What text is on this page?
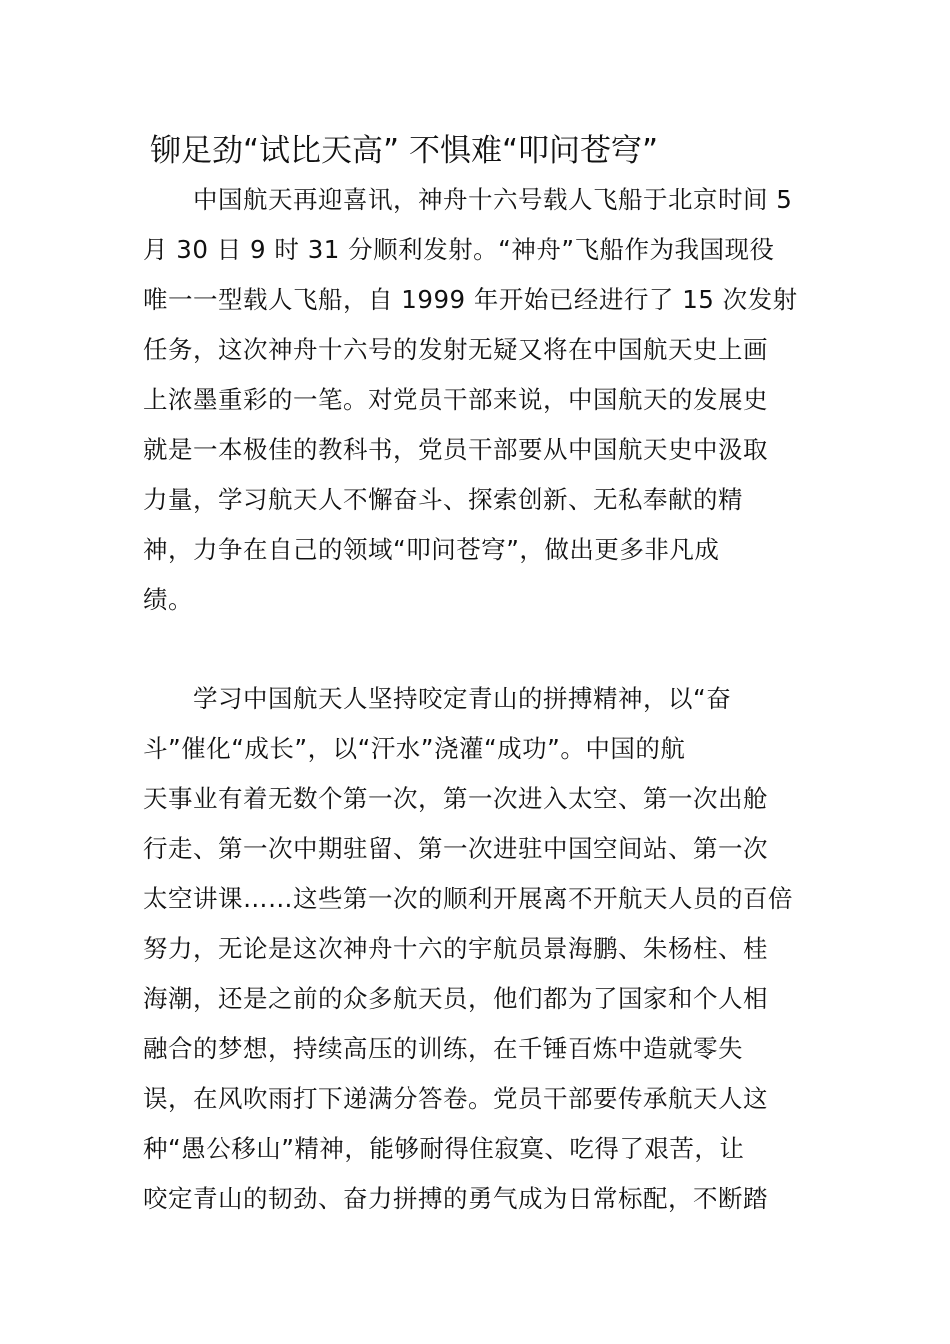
铆足劲“试比天高” 不惧难“叩问苍穹”
中国航天再迎喜讯，神舟十六号载人飞船于北京时间 5
月 30 日 9 时 31 分顺利发射。“神舟”飞船作为我国现役
唯一一型载人飞船，自 1999 年开始已经进行了 15 次发射
任务，这次神舟十六号的发射无疑又将在中国航天史上画
上浓墨重彩的一笔。对党员干部来说，中国航天的发展史
就是一本极佳的教科书，党员干部要从中国航天史中汲取
力量，学习航天人不懈奋斗、探索创新、无私奉献的精
神，力争在自己的领域“叩问苍穹”，做出更多非凡成
绩。
学习中国航天人坚持咬定青山的拼搏精神，以“奋
斗”催化“成长”，以“汗水”浇灌“成功”。中国的航
天事业有着无数个第一次，第一次进入太空、第一次出舱
行走、第一次中期驻留、第一次进驻中国空间站、第一次
太空讲课……这些第一次的顺利开展离不开航天人员的百倍
努力，无论是这次神舟十六的宇航员景海鹏、朱杨柱、桂
海潮，还是之前的众多航天员，他们都为了国家和个人相
融合的梦想，持续高压的训练，在千锤百炼中造就零失
误，在风吹雨打下递满分答卷。党员干部要传承航天人这
种“愚公移山”精神，能够耐得住寂寞、吃得了艰苦，让
咬定青山的韧劲、奋力拼搏的勇气成为日常标配，不断踏
